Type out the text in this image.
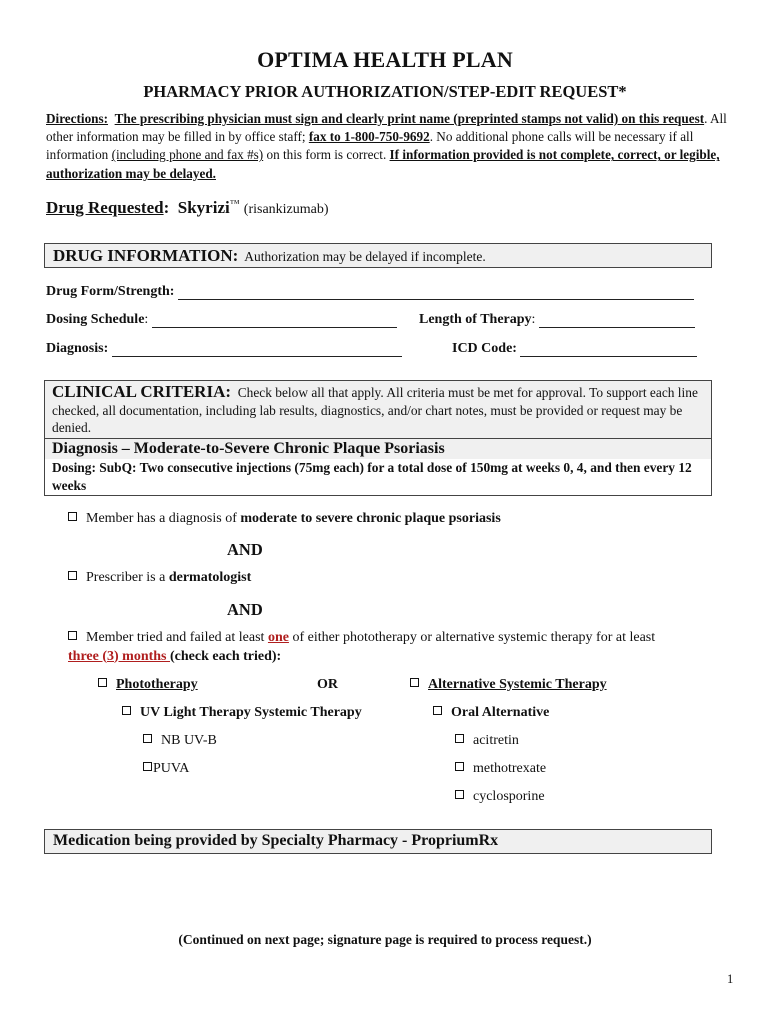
OPTIMA HEALTH PLAN
PHARMACY PRIOR AUTHORIZATION/STEP-EDIT REQUEST*
Directions: The prescribing physician must sign and clearly print name (preprinted stamps not valid) on this request. All other information may be filled in by office staff; fax to 1-800-750-9692. No additional phone calls will be necessary if all information (including phone and fax #s) on this form is correct. If information provided is not complete, correct, or legible, authorization may be delayed.
Drug Requested: Skyrizi™ (risankizumab)
DRUG INFORMATION: Authorization may be delayed if incomplete.
Drug Form/Strength:
Dosing Schedule:	Length of Therapy:
Diagnosis:	ICD Code:
CLINICAL CRITERIA: Check below all that apply. All criteria must be met for approval. To support each line checked, all documentation, including lab results, diagnostics, and/or chart notes, must be provided or request may be denied.
Diagnosis – Moderate-to-Severe Chronic Plaque Psoriasis
Dosing: SubQ: Two consecutive injections (75mg each) for a total dose of 150mg at weeks 0, 4, and then every 12 weeks
Member has a diagnosis of moderate to severe chronic plaque psoriasis
AND
Prescriber is a dermatologist
AND
Member tried and failed at least one of either phototherapy or alternative systemic therapy for at least
three (3) months (check each tried):
Phototherapy	OR	Alternative Systemic Therapy
UV Light Therapy Systemic Therapy	Oral Alternative
NB UV-B	acitretin
PUVA	methotrexate
cyclosporine
Medication being provided by Specialty Pharmacy - PropriumRx
(Continued on next page; signature page is required to process request.)
1
